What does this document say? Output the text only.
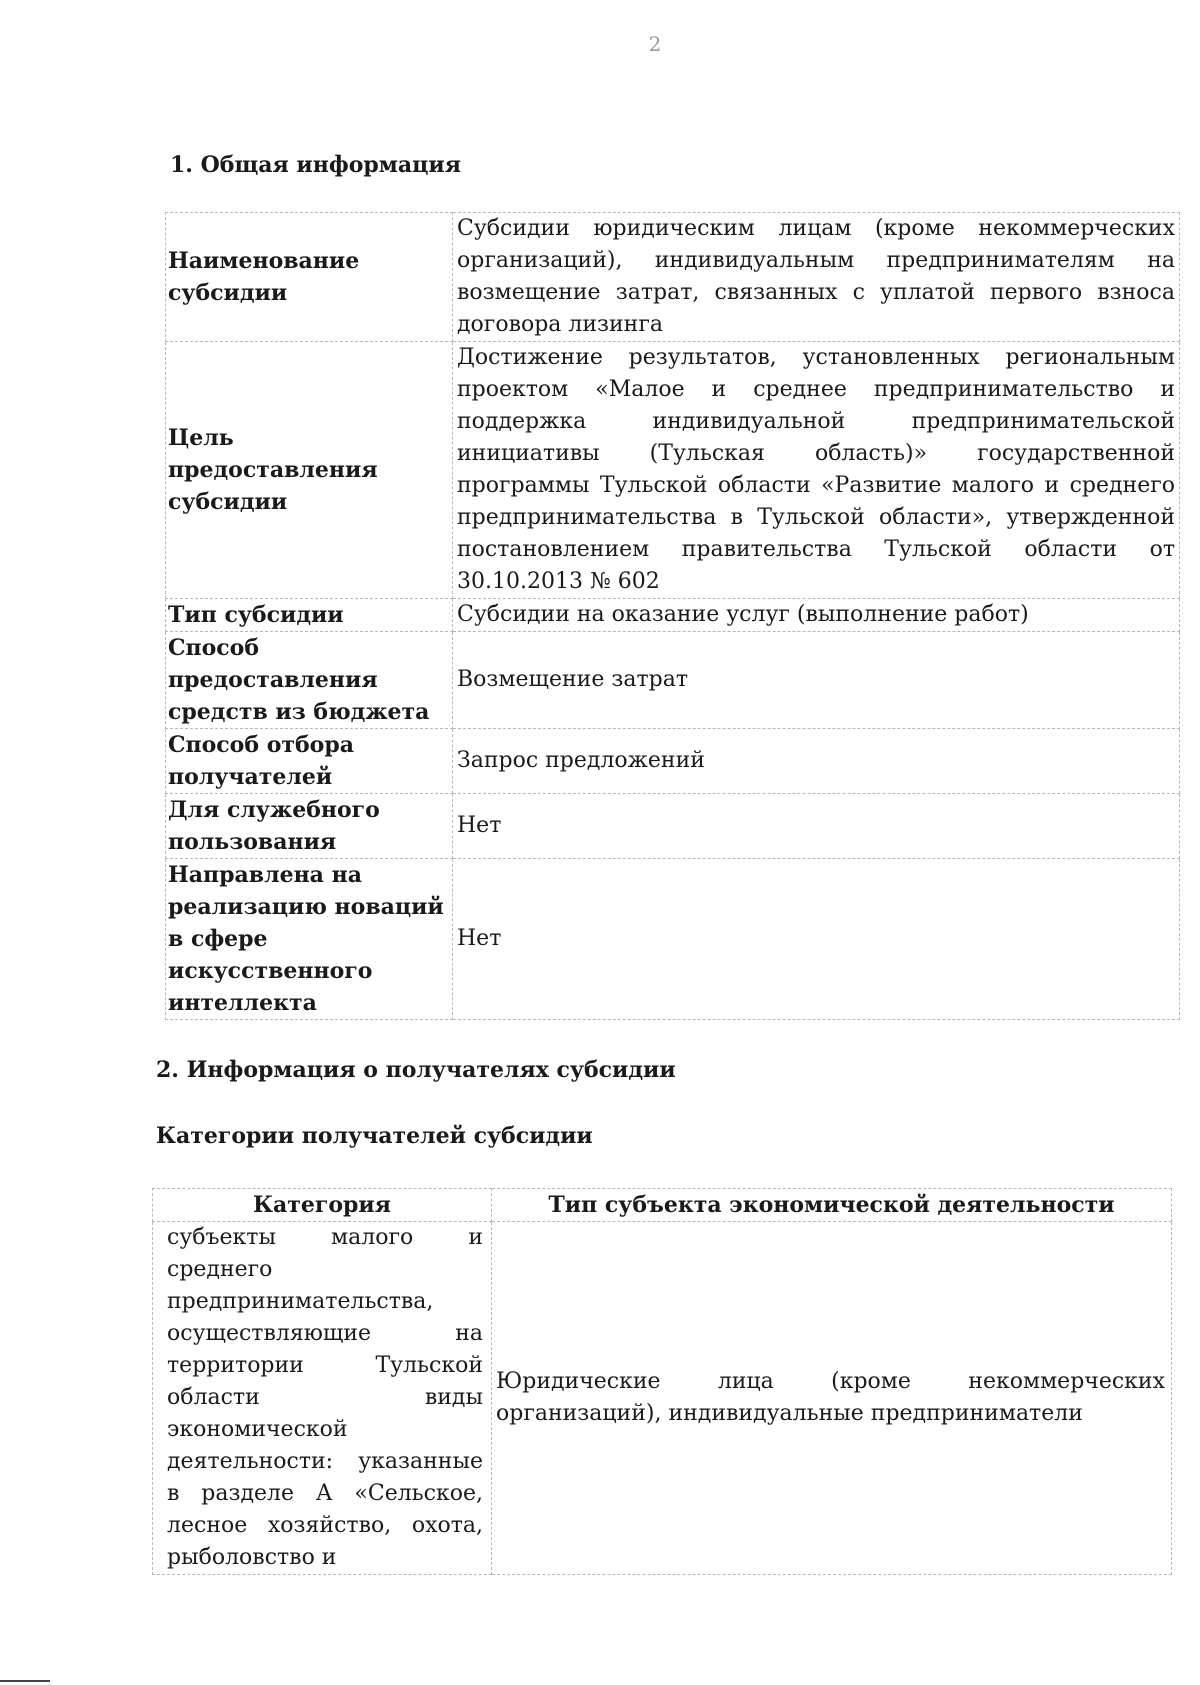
2
1. Общая информация
Наименование субсидии	Субсидии юридическим лицам (кроме некоммерческих организаций), индивидуальным предпринимателям на возмещение затрат, связанных с уплатой первого взноса договора лизинга
Цель предоставления субсидии	Достижение результатов, установленных региональным проектом «Малое и среднее предпринимательство и поддержка индивидуальной предпринимательской инициативы (Тульская область)» государственной программы Тульской области «Развитие малого и среднего предпринимательства в Тульской области», утвержденной постановлением правительства Тульской области от 30.10.2013 № 602
Тип субсидии	Субсидии на оказание услуг (выполнение работ)
Способ предоставления средств из бюджета	Возмещение затрат
Способ отбора получателей	Запрос предложений
Для служебного пользования	Нет
Направлена на реализацию новаций в сфере искусственного интеллекта	Нет
2. Информация о получателях субсидии
Категории получателей субсидии
Категория	Тип субъекта экономической деятельности
субъекты малого и среднего предпринимательства, осуществляющие на территории Тульской области виды экономической деятельности: указанные в разделе А «Сельское, лесное хозяйство, охота, рыболовство и	Юридические лица (кроме некоммерческих организаций), индивидуальные предприниматели
